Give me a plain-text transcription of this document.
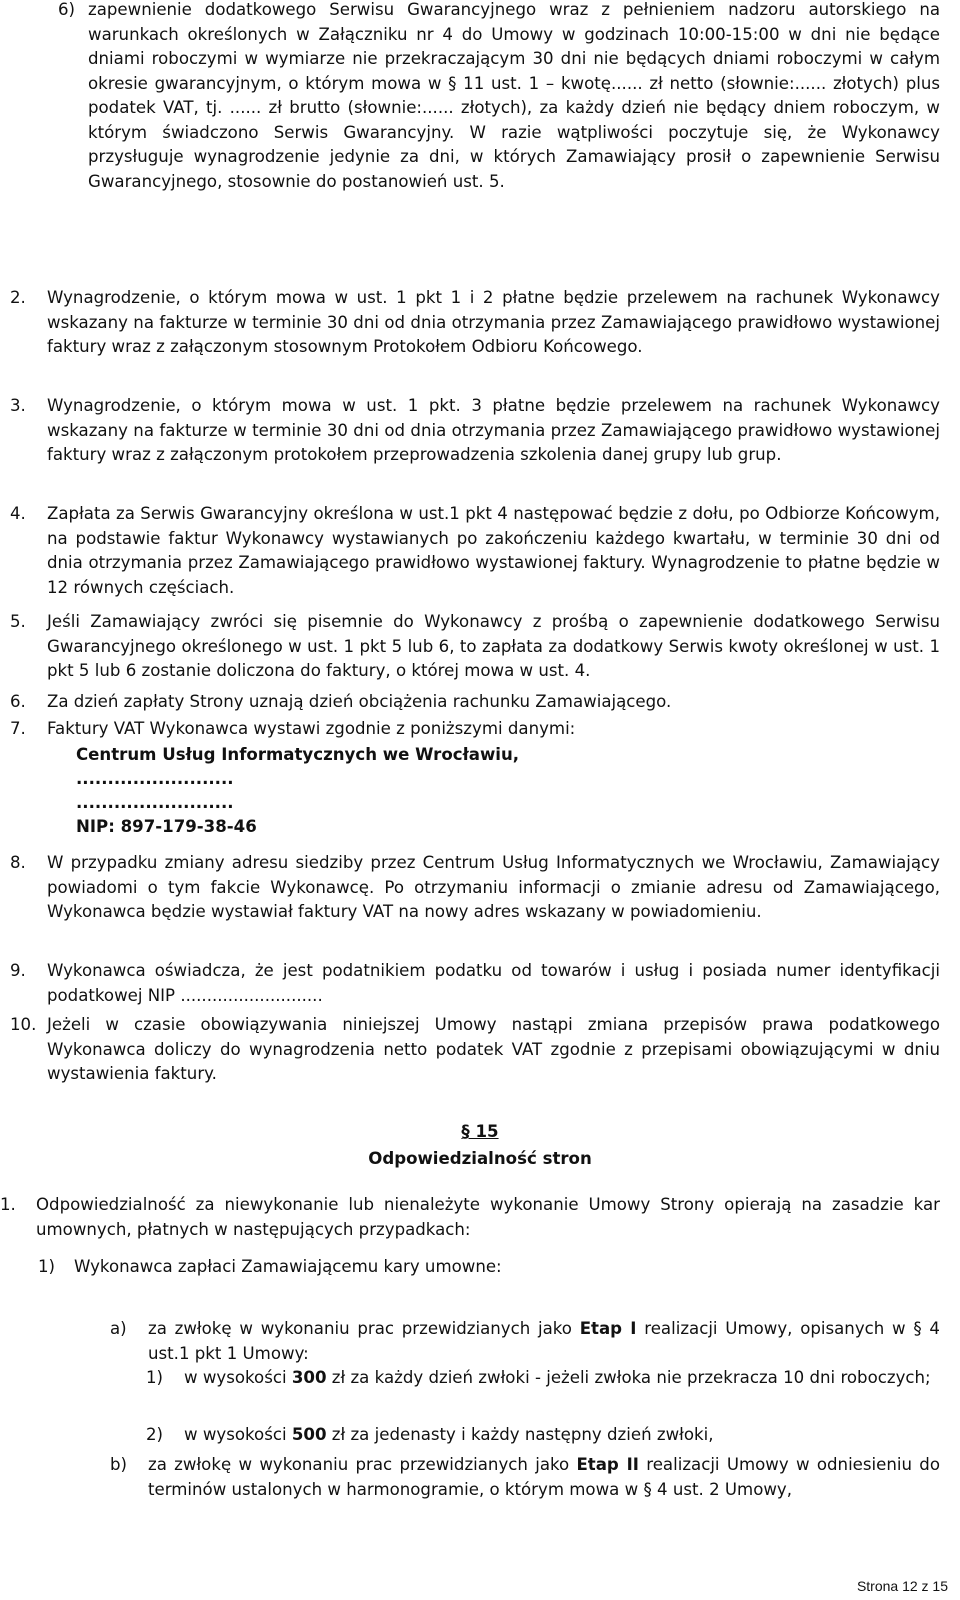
6) zapewnienie dodatkowego Serwisu Gwarancyjnego wraz z pełnieniem nadzoru autorskiego na warunkach określonych w Załączniku nr 4 do Umowy w godzinach 10:00-15:00 w dni nie będące dniami roboczymi w wymiarze nie przekraczającym 30 dni nie będących dniami roboczymi w całym okresie gwarancyjnym, o którym mowa w § 11 ust. 1 – kwotę...... zł netto (słownie:...... złotych) plus podatek VAT, tj. ...... zł brutto (słownie:...... złotych), za każdy dzień nie będący dniem roboczym, w którym świadczono Serwis Gwarancyjny. W razie wątpliwości poczytuje się, że Wykonawcy przysługuje wynagrodzenie jedynie za dni, w których Zamawiający prosił o zapewnienie Serwisu Gwarancyjnego, stosownie do postanowień ust. 5.

2.	Wynagrodzenie, o którym mowa w ust. 1 pkt 1 i 2 płatne będzie przelewem na rachunek Wykonawcy wskazany na fakturze w terminie 30 dni od dnia otrzymania przez Zamawiającego prawidłowo wystawionej faktury wraz z załączonym stosownym Protokołem Odbioru Końcowego.

3.	Wynagrodzenie, o którym mowa w ust. 1 pkt. 3 płatne będzie przelewem na rachunek Wykonawcy wskazany na fakturze w terminie 30 dni od dnia otrzymania przez Zamawiającego prawidłowo wystawionej faktury wraz z załączonym protokołem przeprowadzenia szkolenia danej grupy lub grup.

4.	Zapłata za Serwis Gwarancyjny określona w ust.1 pkt 4 następować będzie z dołu, po Odbiorze Końcowym, na podstawie faktur Wykonawcy wystawianych po zakończeniu każdego kwartału, w terminie 30 dni od dnia otrzymania przez Zamawiającego prawidłowo wystawionej faktury. Wynagrodzenie to płatne będzie w 12 równych częściach.

5.	Jeśli Zamawiający zwróci się pisemnie do Wykonawcy z prośbą o zapewnienie dodatkowego Serwisu Gwarancyjnego określonego w ust. 1 pkt 5 lub 6, to zapłata za dodatkowy Serwis kwoty określonej w ust. 1 pkt 5 lub 6 zostanie doliczona do faktury, o której mowa w ust. 4.

6.	Za dzień zapłaty Strony uznają dzień obciążenia rachunku Zamawiającego.

7.	Faktury VAT Wykonawca wystawi zgodnie z poniższymi danymi:

Centrum Usług Informatycznych we Wrocławiu,
.........................
.........................
NIP: 897-179-38-46
8.	W przypadku zmiany adresu siedziby przez Centrum Usług Informatycznych we Wrocławiu, Zamawiający powiadomi o tym fakcie Wykonawcę. Po otrzymaniu informacji o zmianie adresu od Zamawiającego, Wykonawca będzie wystawiał faktury VAT na nowy adres wskazany w powiadomieniu.

9.	Wykonawca oświadcza, że jest podatnikiem podatku od towarów i usług i posiada numer identyfikacji podatkowej NIP ...........................

10. Jeżeli w czasie obowiązywania niniejszej Umowy nastąpi zmiana przepisów prawa podatkowego Wykonawca doliczy do wynagrodzenia netto podatek VAT zgodnie z przepisami obowiązującymi w dniu wystawienia faktury.

§ 15
Odpowiedzialność stron
1.	Odpowiedzialność za niewykonanie lub nienależyte wykonanie Umowy Strony opierają na zasadzie kar umownych, płatnych w następujących przypadkach:

1) Wykonawca zapłaci Zamawiającemu kary umowne:

a) za zwłokę w wykonaniu prac przewidzianych jako Etap I realizacji Umowy, opisanych w § 4 ust.1 pkt 1 Umowy:

1) w wysokości 300 zł za każdy dzień zwłoki - jeżeli zwłoka nie przekracza 10 dni roboczych;

2) w wysokości 500 zł za jedenasty i każdy następny dzień zwłoki,

b) za zwłokę w wykonaniu prac przewidzianych jako Etap II realizacji Umowy w odniesieniu do terminów ustalonych w harmonogramie, o którym mowa w § 4 ust. 2 Umowy,

Strona 12 z 15
